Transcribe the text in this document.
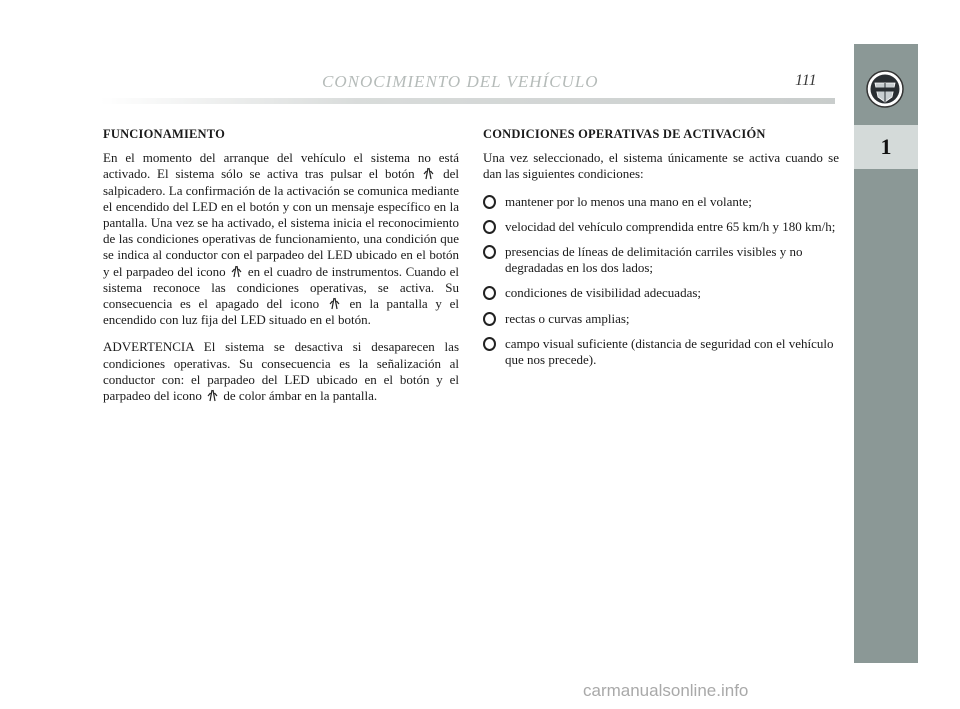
CONOCIMIENTO DEL VEHÍCULO	111
1
FUNCIONAMIENTO

En el momento del arranque del vehículo el sistema no está activado. El sistema sólo se activa tras pulsar el botón del salpicadero. La confirmación de la activación se comunica mediante el encendido del LED en el botón y con un mensaje específico en la pantalla. Una vez se ha activado, el sistema inicia el reconocimiento de las condiciones operativas de funcionamiento, una condición que se indica al conductor con el parpadeo del LED ubicado en el botón y el parpadeo del icono en el cuadro de instrumentos. Cuando el sistema reconoce las condiciones operativas, se activa. Su consecuencia es el apagado del icono en la pantalla y el encendido con luz fija del LED situado en el botón.

ADVERTENCIA El sistema se desactiva si desaparecen las condiciones operativas. Su consecuencia es la señalización al conductor con: el parpadeo del LED ubicado en el botón y el parpadeo del icono de color ámbar en la pantalla.

CONDICIONES OPERATIVAS DE ACTIVACIÓN

Una vez seleccionado, el sistema únicamente se activa cuando se dan las siguientes condiciones:

mantener por lo menos una mano en el volante;
velocidad del vehículo comprendida entre 65 km/h y 180 km/h;
presencias de líneas de delimitación carriles visibles y no degradadas en los dos lados;
condiciones de visibilidad adecuadas;
rectas o curvas amplias;
campo visual suficiente (distancia de seguridad con el vehículo que nos precede).
carmanualsonline.info
